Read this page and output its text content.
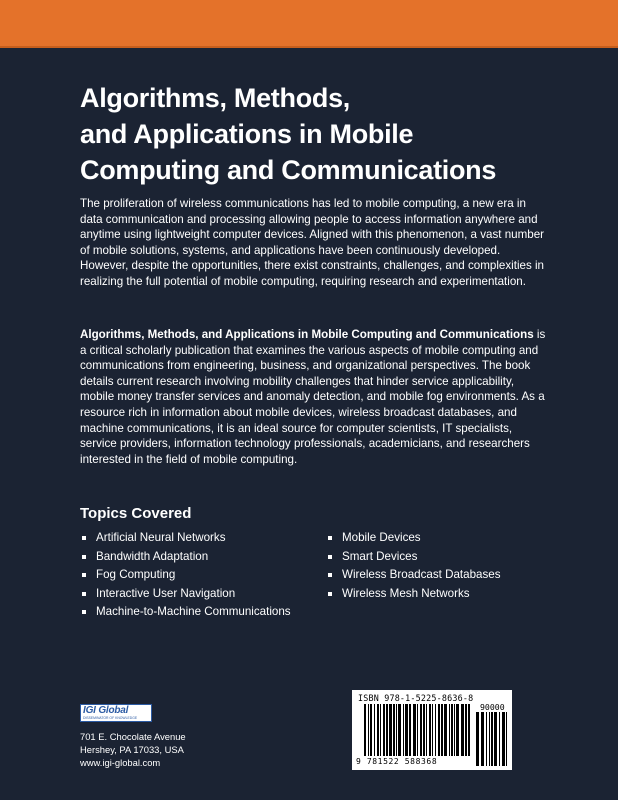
Algorithms, Methods,
and Applications in Mobile
Computing and Communications

The proliferation of wireless communications has led to mobile computing, a new era in data communication and processing allowing people to access information anywhere and anytime using lightweight computer devices. Aligned with this phenomenon, a vast number of mobile solutions, systems, and applications have been continuously developed. However, despite the opportunities, there exist constraints, challenges, and complexities in realizing the full potential of mobile computing, requiring research and experimentation.

Algorithms, Methods, and Applications in Mobile Computing and Communications is a critical scholarly publication that examines the various aspects of mobile computing and communications from engineering, business, and organizational perspectives. The book details current research involving mobility challenges that hinder service applicability, mobile money transfer services and anomaly detection, and mobile fog environments. As a resource rich in information about mobile devices, wireless broadcast databases, and machine communications, it is an ideal source for computer scientists, IT specialists, service providers, information technology professionals, academicians, and researchers interested in the field of mobile computing.

Topics Covered
Artificial Neural Networks
Bandwidth Adaptation
Fog Computing
Interactive User Navigation
Machine-to-Machine Communications
Mobile Devices
Smart Devices
Wireless Broadcast Databases
Wireless Mesh Networks
IGI Global
DISSEMINATOR OF KNOWLEDGE
701 E. Chocolate Avenue
Hershey, PA 17033, USA
www.igi-global.com
ISBN 978-1-5225-8636-8
90000
9 781522 588368
